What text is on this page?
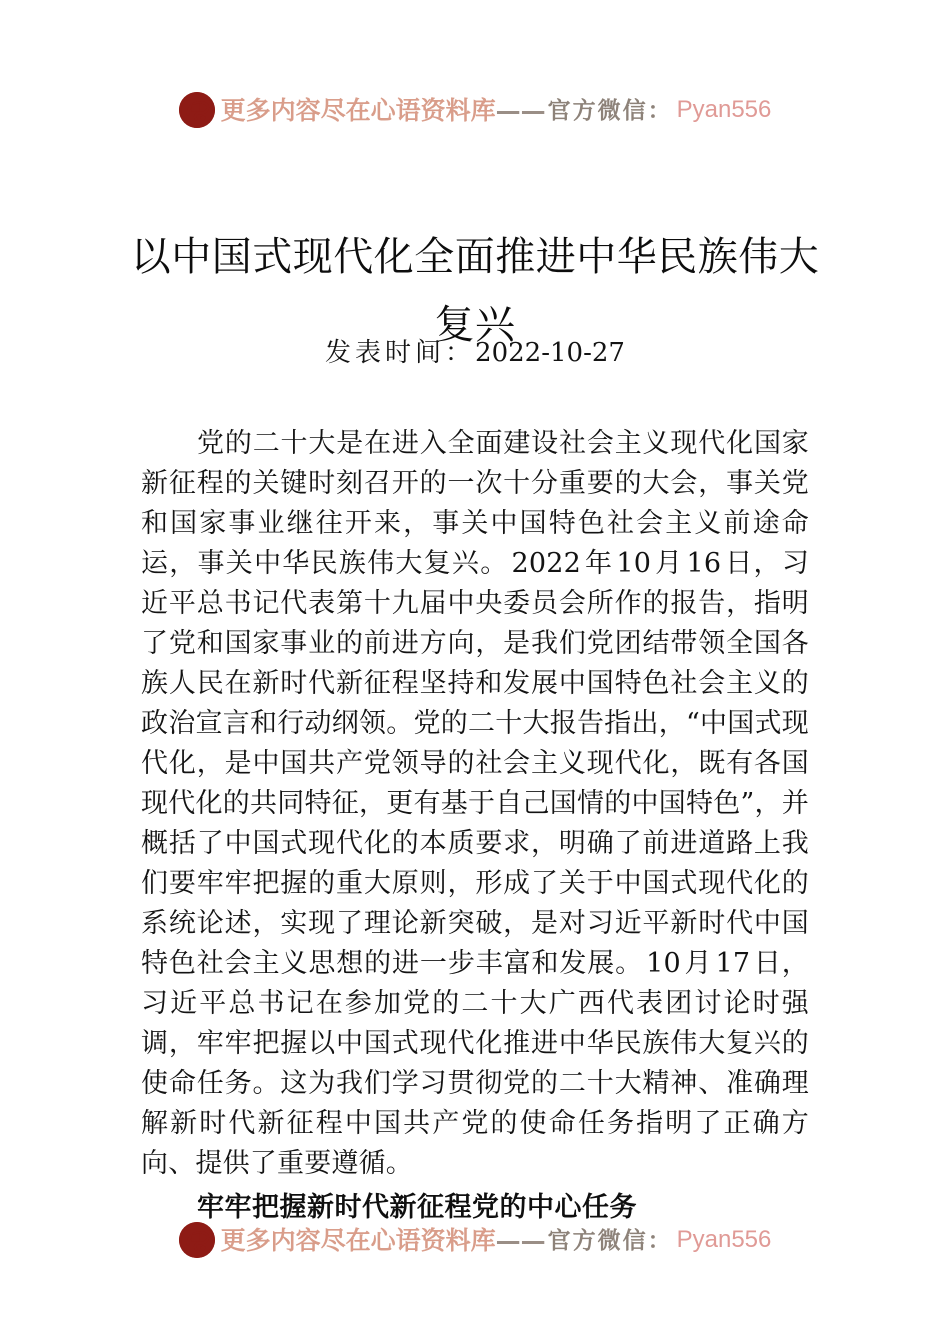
更多内容尽在心语资料库 —— 官方微信： Pyan556
以中国式现代化全面推进中华民族伟大复兴
发表时间：2022-10-27

党的二十大是在进入全面建设社会主义现代化国家新征程的关键时刻召开的一次十分重要的大会，事关党和国家事业继往开来，事关中国特色社会主义前途命运，事关中华民族伟大复兴。 2022 年 10 月 16 日，习近平总书记代表第十九届中央委员会所作的报告，指明了党和国家事业的前进方向，是我们党团结带领全国各族人民在新时代新征程坚持和发展中国特色社会主义的政治宣言和行动纲领。党的二十大报告指出，“中国式现代化，是中国共产党领导的社会主义现代化，既有各国现代化的共同特征，更有基于自己国情的中国特色”，并概括了中国式现代化的本质要求，明确了前进道路上我们要牢牢把握的重大原则，形成了关于中国式现代化的系统论述，实现了理论新突破，是对习近平新时代中国特色社会主义思想的进一步丰富和发展。 10 月 17 日，习近平总书记在参加党的二十大广西代表团讨论时强调，牢牢把握以中国式现代化推进中华民族伟大复兴的使命任务。这为我们学习贯彻党的二十大精神、准确理解新时代新征程中国共产党的使命任务指明了正确方向、提供了重要遵循。

牢牢把握新时代新征程党的中心任务

更多内容尽在心语资料库 —— 官方微信： Pyan556
